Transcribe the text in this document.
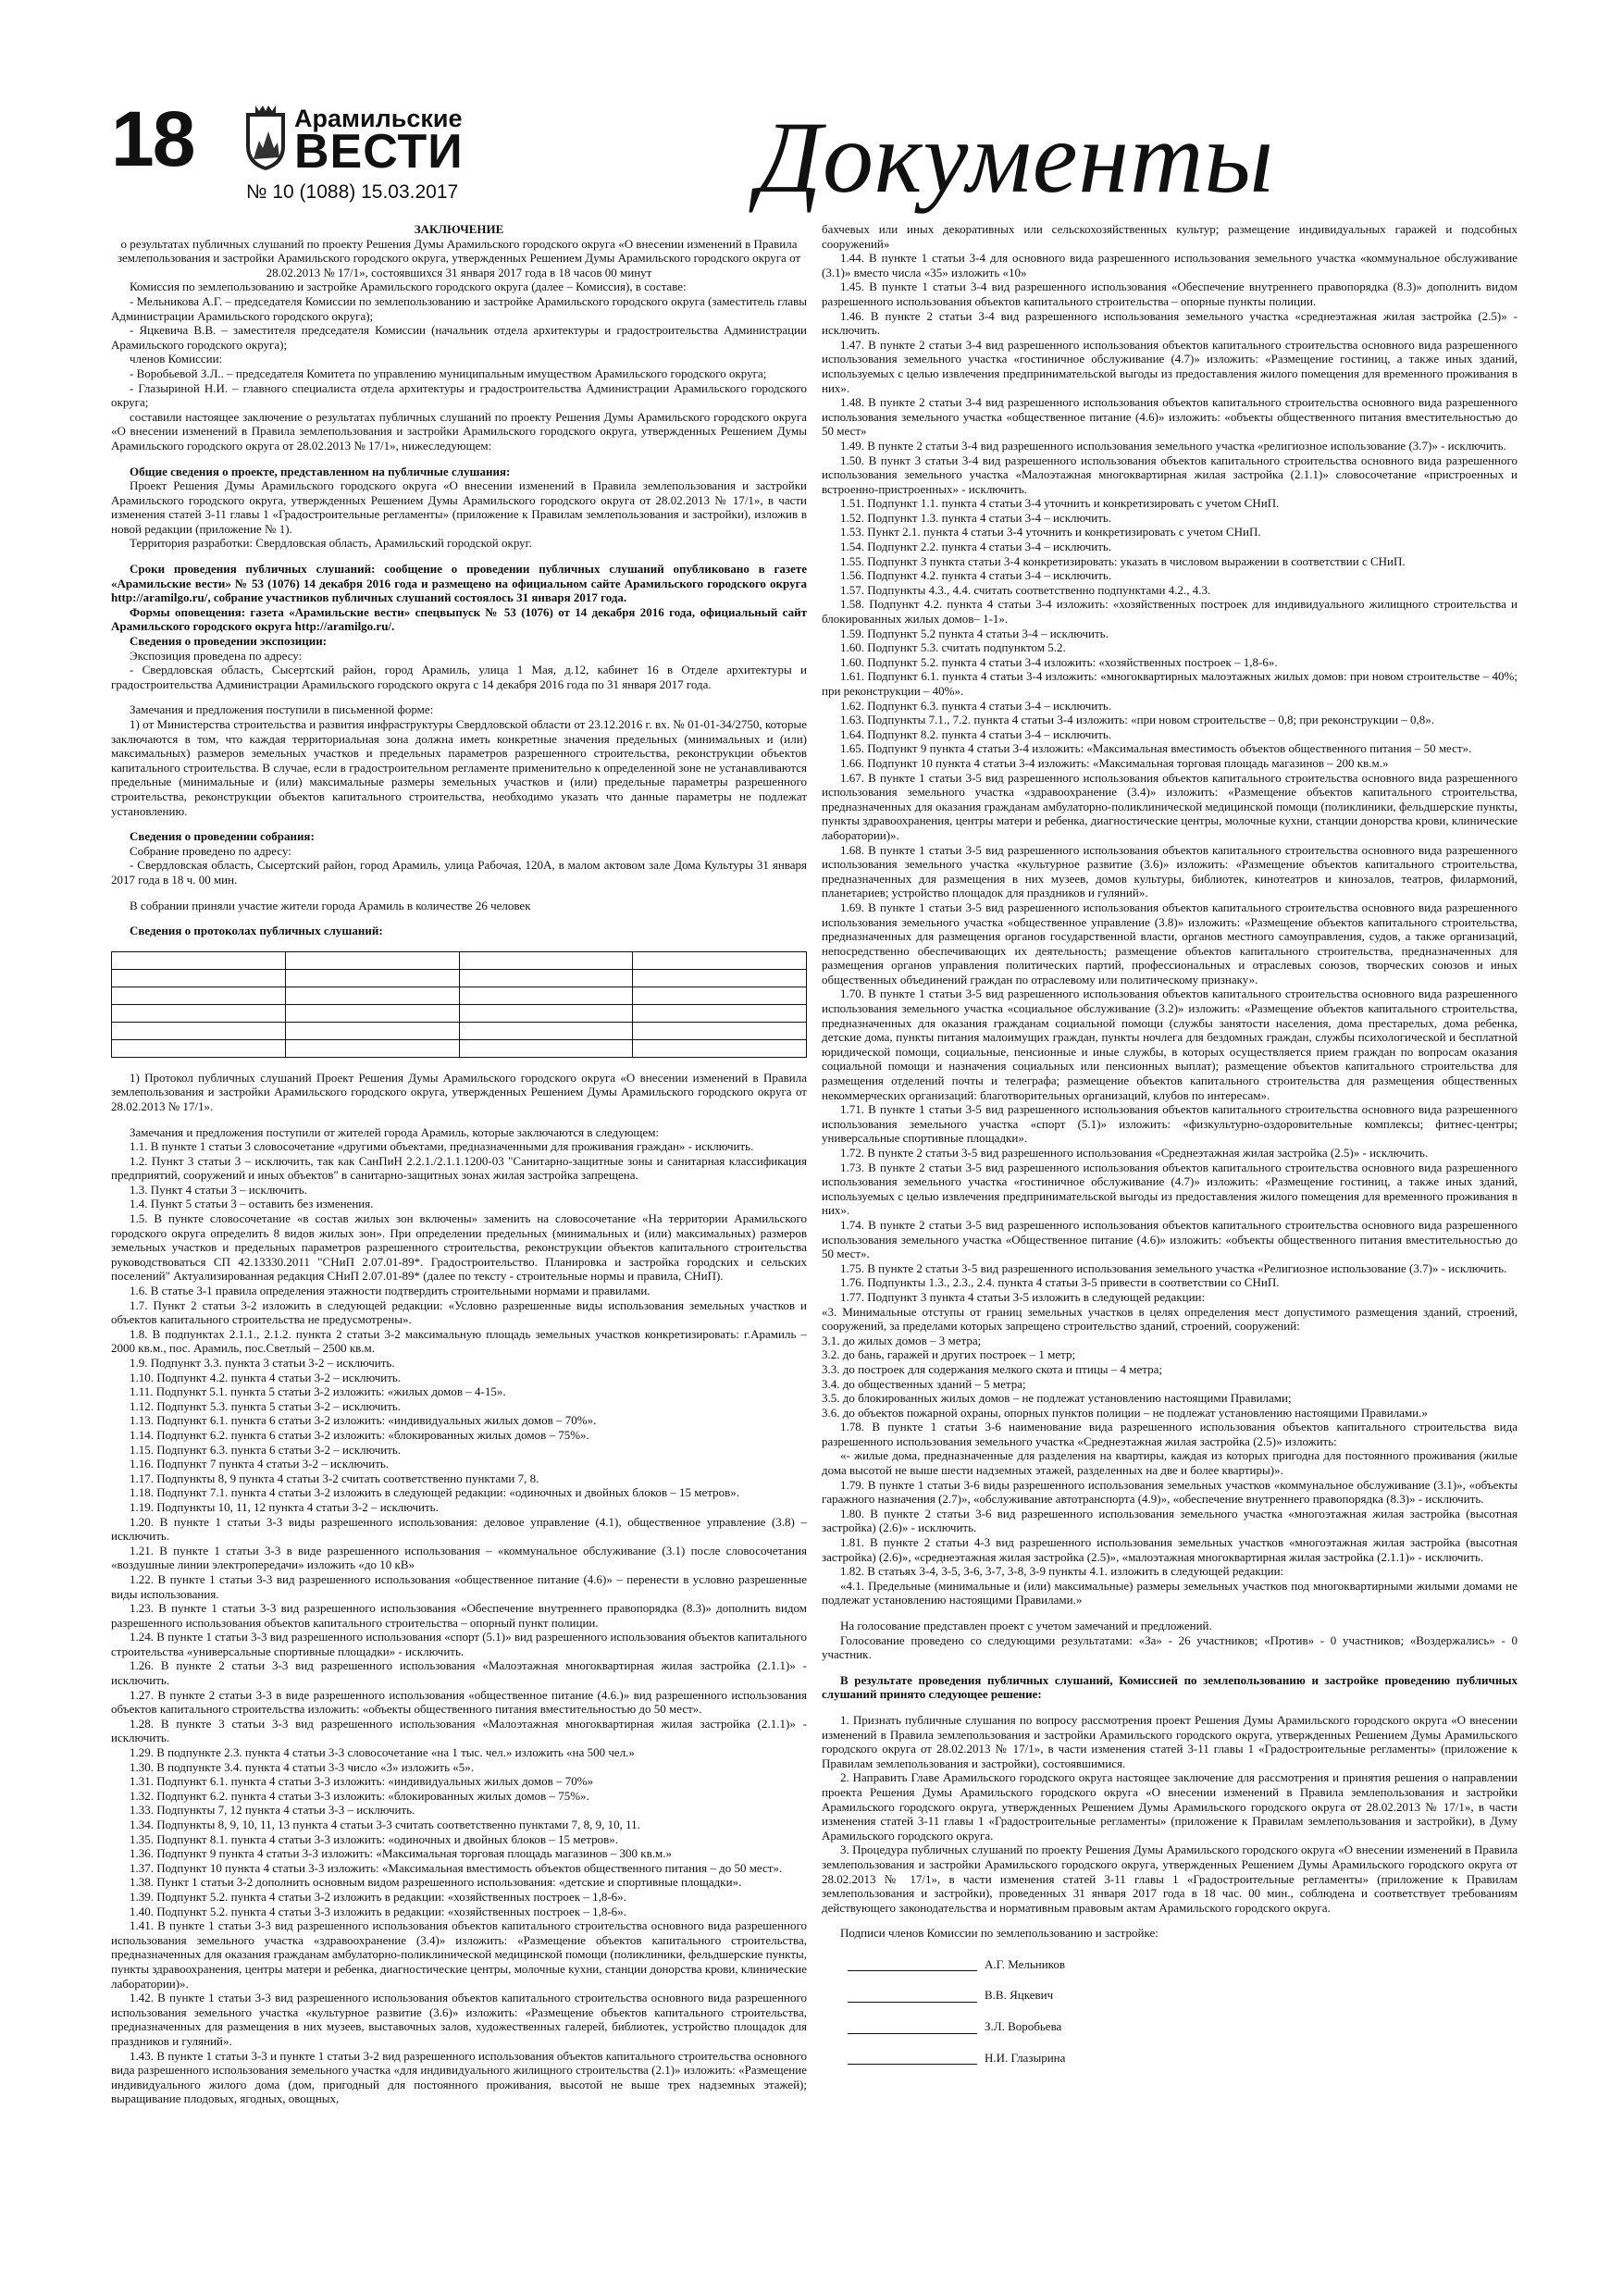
18	Арамильские
ВЕСТИ
№ 10 (1088) 15.03.2017	Документы

ЗАКЛЮЧЕНИЕ

о результатах публичных слушаний по проекту Решения Думы Арамильского городского округа «О внесении изменений в Правила землепользования и застройки Арамильского городского округа, утвержденных Решением Думы Арамильского городского округа от 28.02.2013 № 17/1», состоявшихся 31 января 2017 года в 18 часов 00 минут

Комиссия по землепользованию и застройке Арамильского городского округа (далее – Комиссия), в составе:

- Мельникова А.Г. – председателя Комиссии по землепользованию и застройке Арамильского городского округа (заместитель главы Администрации Арамильского городского округа);

- Яцкевича В.В. – заместителя председателя Комиссии (начальник отдела архитектуры и градостроительства Администрации Арамильского городского округа);

членов Комиссии:

- Воробьевой З.Л.. – председателя Комитета по управлению муниципальным имуществом Арамильского городского округа;

- Глазыриной Н.И. – главного специалиста отдела архитектуры и градостроительства Администрации Арамильского городского округа;

составили настоящее заключение о результатах публичных слушаний по проекту Решения Думы Арамильского городского округа «О внесении изменений в Правила землепользования и застройки Арамильского городского округа, утвержденных Решением Думы Арамильского городского округа от 28.02.2013 № 17/1», нижеследующем:

Общие сведения о проекте, представленном на публичные слушания:

Проект Решения Думы Арамильского городского округа «О внесении изменений в Правила землепользования и застройки Арамильского городского округа, утвержденных Решением Думы Арамильского городского округа от 28.02.2013 № 17/1», в части изменения статей 3-11 главы 1 «Градостроительные регламенты» (приложение к Правилам землепользования и застройки), изложив в новой редакции (приложение № 1).

Территория разработки: Свердловская область, Арамильский городской округ.

Сроки проведения публичных слушаний: сообщение о проведении публичных слушаний опубликовано в газете «Арамильские вести» № 53 (1076) 14 декабря 2016 года и размещено на официальном сайте Арамильского городского округа http://aramilgo.ru/, собрание участников публичных слушаний состоялось 31 января 2017 года.

Формы оповещения: газета «Арамильские вести» спецвыпуск № 53 (1076) от 14 декабря 2016 года, официальный сайт Арамильского городского округа http://aramilgo.ru/.

Сведения о проведении экспозиции:

Экспозиция проведена по адресу:

- Свердловская область, Сысертский район, город Арамиль, улица 1 Мая, д.12, кабинет 16 в Отделе архитектуры и градостроительства Администрации Арамильского городского округа с 14 декабря 2016 года по 31 января 2017 года.

Замечания и предложения поступили в письменной форме:

1) от Министерства строительства и развития инфраструктуры Свердловской области от 23.12.2016 г. вх. № 01-01-34/2750, которые заключаются в том, что каждая территориальная зона должна иметь конкретные значения предельных (минимальных и (или) максимальных) размеров земельных участков и предельных параметров разрешенного строительства, реконструкции объектов капитального строительства. В случае, если в градостроительном регламенте применительно к определенной зоне не устанавливаются предельные (минимальные и (или) максимальные размеры земельных участков и (или) предельные параметры разрешенного строительства, реконструкции объектов капитального строительства, необходимо указать что данные параметры не подлежат установлению.

Сведения о проведении собрания:

Собрание проведено по адресу:

- Свердловская область, Сысертский район, город Арамиль, улица Рабочая, 120А, в малом актовом зале Дома Культуры 31 января 2017 года в 18 ч. 00 мин.

В собрании приняли участие жители города Арамиль в количестве 26 человек

Сведения о протоколах публичных слушаний:

1) Протокол публичных слушаний Проект Решения Думы Арамильского городского округа «О внесении изменений в Правила землепользования и застройки Арамильского городского округа, утвержденных Решением Думы Арамильского городского округа от 28.02.2013 № 17/1».

Замечания и предложения поступили от жителей города Арамиль, которые заключаются в следующем:

1.1. В пункте 1 статьи 3 словосочетание «другими объектами, предназначенными для проживания граждан» - исключить.

1.2. Пункт 3 статьи 3 – исключить, так как СанПиН 2.2.1./2.1.1.1200-03 "Санитарно-защитные зоны и санитарная классификация предприятий, сооружений и иных объектов" в санитарно-защитных зонах жилая застройка запрещена.

1.3. Пункт 4 статьи 3 – исключить.

1.4. Пункт 5 статьи 3 – оставить без изменения.

1.5. В пункте словосочетание «в состав жилых зон включены» заменить на словосочетание «На территории Арамильского городского округа определить 8 видов жилых зон». При определении предельных (минимальных и (или) максимальных) размеров земельных участков и предельных параметров разрешенного строительства, реконструкции объектов капитального строительства руководствоваться СП 42.13330.2011 "СНиП 2.07.01-89*. Градостроительство. Планировка и застройка городских и сельских поселений" Актуализированная редакция СНиП 2.07.01-89* (далее по тексту - строительные нормы и правила, СНиП).

1.6. В статье 3-1 правила определения этажности подтвердить строительными нормами и правилами.

1.7. Пункт 2 статьи 3-2 изложить в следующей редакции: «Условно разрешенные виды использования земельных участков и объектов капитального строительства не предусмотрены».

1.8. В подпунктах 2.1.1., 2.1.2. пункта 2 статьи 3-2 максимальную площадь земельных участков конкретизировать: г.Арамиль – 2000 кв.м., пос. Арамиль, пос.Светлый – 2500 кв.м.

1.9. Подпункт 3.3. пункта 3 статьи 3-2 – исключить.

1.10. Подпункт 4.2. пункта 4 статьи 3-2 – исключить.

1.11. Подпункт 5.1. пункта 5 статьи 3-2 изложить: «жилых домов – 4-15».

1.12. Подпункт 5.3. пункта 5 статьи 3-2 – исключить.

1.13. Подпункт 6.1. пункта 6 статьи 3-2 изложить: «индивидуальных жилых домов – 70%».

1.14. Подпункт 6.2. пункта 6 статьи 3-2 изложить: «блокированных жилых домов – 75%».

1.15. Подпункт 6.3. пункта 6 статьи 3-2 – исключить.

1.16. Подпункт 7 пункта 4 статьи 3-2 – исключить.

1.17. Подпункты 8, 9 пункта 4 статьи 3-2 считать соответственно пунктами 7, 8.

1.18. Подпункт 7.1. пункта 4 статьи 3-2 изложить в следующей редакции: «одиночных и двойных блоков – 15 метров».

1.19. Подпункты 10, 11, 12 пункта 4 статьи 3-2 – исключить.

1.20. В пункте 1 статьи 3-3 виды разрешенного использования: деловое управление (4.1), общественное управление (3.8) – исключить.

1.21. В пункте 1 статьи 3-3 в виде разрешенного использования – «коммунальное обслуживание (3.1) после словосочетания «воздушные линии электропередачи» изложить «до 10 кВ»

1.22. В пункте 1 статьи 3-3 вид разрешенного использования «общественное питание (4.6)» – перенести в условно разрешенные виды использования.

1.23. В пункте 1 статьи 3-3 вид разрешенного использования «Обеспечение внутреннего правопорядка (8.3)» дополнить видом разрешенного использования объектов капитального строительства – опорный пункт полиции.

1.24. В пункте 1 статьи 3-3 вид разрешенного использования «спорт (5.1)» вид разрешенного использования объектов капитального строительства «универсальные спортивные площадки» - исключить.

1.26. В пункте 2 статьи 3-3 вид разрешенного использования «Малоэтажная многоквартирная жилая застройка (2.1.1)» - исключить.

1.27. В пункте 2 статьи 3-3 в виде разрешенного использования «общественное питание (4.6.)» вид разрешенного использования объектов капитального строительства изложить: «объекты общественного питания вместительностью до 50 мест».

1.28. В пункте 3 статьи 3-3 вид разрешенного использования «Малоэтажная многоквартирная жилая застройка (2.1.1)» - исключить.

1.29. В подпункте 2.3. пункта 4 статьи 3-3 словосочетание «на 1 тыс. чел.» изложить «на 500 чел.»

1.30. В подпункте 3.4. пункта 4 статьи 3-3 число «3» изложить «5».

1.31. Подпункт 6.1. пункта 4 статьи 3-3 изложить: «индивидуальных жилых домов – 70%»

1.32. Подпункт 6.2. пункта 4 статьи 3-3 изложить: «блокированных жилых домов – 75%».

1.33. Подпункты 7, 12 пункта 4 статьи 3-3 – исключить.

1.34. Подпункты 8, 9, 10, 11, 13 пункта 4 статьи 3-3 считать соответственно пунктами 7, 8, 9, 10, 11.

1.35. Подпункт 8.1. пункта 4 статьи 3-3 изложить: «одиночных и двойных блоков – 15 метров».

1.36. Подпункт 9 пункта 4 статьи 3-3 изложить: «Максимальная торговая площадь магазинов – 300 кв.м.»

1.37. Подпункт 10 пункта 4 статьи 3-3 изложить: «Максимальная вместимость объектов общественного питания – до 50 мест».

1.38. Пункт 1 статьи 3-2 дополнить основным видом разрешенного использования: «детские и спортивные площадки».

1.39. Подпункт 5.2. пункта 4 статьи 3-2 изложить в редакции: «хозяйственных построек – 1,8-6».

1.40. Подпункт 5.2. пункта 4 статьи 3-3 изложить в редакции: «хозяйственных построек – 1,8-6».

1.41. В пункте 1 статьи 3-3 вид разрешенного использования объектов капитального строительства основного вида разрешенного использования земельного участка «здравоохранение (3.4)» изложить: «Размещение объектов капитального строительства, предназначенных для оказания гражданам амбулаторно-поликлинической медицинской помощи (поликлиники, фельдшерские пункты, пункты здравоохранения, центры матери и ребенка, диагностические центры, молочные кухни, станции донорства крови, клинические лаборатории)».

1.42. В пункте 1 статьи 3-3 вид разрешенного использования объектов капитального строительства основного вида разрешенного использования земельного участка «культурное развитие (3.6)» изложить: «Размещение объектов капитального строительства, предназначенных для размещения в них музеев, выставочных залов, художественных галерей, библиотек, устройство площадок для праздников и гуляний».

1.43. В пункте 1 статьи 3-3 и пункте 1 статьи 3-2 вид разрешенного использования объектов капитального строительства основного вида разрешенного использования земельного участка «для индивидуального жилищного строительства (2.1)» изложить: «Размещение индивидуального жилого дома (дом, пригодный для постоянного проживания, высотой не выше трех надземных этажей); выращивание плодовых, ягодных, овощных,

бахчевых или иных декоративных или сельскохозяйственных культур; размещение индивидуальных гаражей и подсобных сооружений»

1.44. В пункте 1 статьи 3-4 для основного вида разрешенного использования земельного участка «коммунальное обслуживание (3.1)» вместо числа «35» изложить «10»

1.45. В пункте 1 статьи 3-4 вид разрешенного использования «Обеспечение внутреннего правопорядка (8.3)» дополнить видом разрешенного использования объектов капитального строительства – опорные пункты полиции.

1.46. В пункте 2 статьи 3-4 вид разрешенного использования земельного участка «среднеэтажная жилая застройка (2.5)» - исключить.

1.47. В пункте 2 статьи 3-4 вид разрешенного использования объектов капитального строительства основного вида разрешенного использования земельного участка «гостиничное обслуживание (4.7)» изложить: «Размещение гостиниц, а также иных зданий, используемых с целью извлечения предпринимательской выгоды из предоставления жилого помещения для временного проживания в них».

1.48. В пункте 2 статьи 3-4 вид разрешенного использования объектов капитального строительства основного вида разрешенного использования земельного участка «общественное питание (4.6)» изложить: «объекты общественного питания вместительностью до 50 мест»

1.49. В пункте 2 статьи 3-4 вид разрешенного использования земельного участка «религиозное использование (3.7)» - исключить.

1.50. В пункт 3 статьи 3-4 вид разрешенного использования объектов капитального строительства основного вида разрешенного использования земельного участка «Малоэтажная многоквартирная жилая застройка (2.1.1)» словосочетание «пристроенных и встроенно-пристроенных» - исключить.

1.51. Подпункт 1.1. пункта 4 статьи 3-4 уточнить и конкретизировать с учетом СНиП.

1.52. Подпункт 1.3. пункта 4 статьи 3-4 – исключить.

1.53. Пункт 2.1. пункта 4 статьи 3-4 уточнить и конкретизировать с учетом СНиП.

1.54. Подпункт 2.2. пункта 4 статьи 3-4 – исключить.

1.55. Подпункт 3 пункта статьи 3-4 конкретизировать: указать в числовом выражении в соответствии с СНиП.

1.56. Подпункт 4.2. пункта 4 статьи 3-4 – исключить.

1.57. Подпункты 4.3., 4.4. считать соответственно подпунктами 4.2., 4.3.

1.58. Подпункт 4.2. пункта 4 статьи 3-4 изложить: «хозяйственных построек для индивидуального жилищного строительства и блокированных жилых домов– 1-1».

1.59. Подпункт 5.2 пункта 4 статьи 3-4 – исключить.

1.60. Подпункт 5.3. считать подпунктом 5.2.

1.60. Подпункт 5.2. пункта 4 статьи 3-4 изложить: «хозяйственных построек – 1,8-6».

1.61. Подпункт 6.1. пункта 4 статьи 3-4 изложить: «многоквартирных малоэтажных жилых домов: при новом строительстве – 40%; при реконструкции – 40%».

1.62. Подпункт 6.3. пункта 4 статьи 3-4 – исключить.

1.63. Подпункты 7.1., 7.2. пункта 4 статьи 3-4 изложить: «при новом строительстве – 0,8; при реконструкции – 0,8».

1.64. Подпункт 8.2. пункта 4 статьи 3-4 – исключить.

1.65. Подпункт 9 пункта 4 статьи 3-4 изложить: «Максимальная вместимость объектов общественного питания – 50 мест».

1.66. Подпункт 10 пункта 4 статьи 3-4 изложить: «Максимальная торговая площадь магазинов – 200 кв.м.»

1.67. В пункте 1 статьи 3-5 вид разрешенного использования объектов капитального строительства основного вида разрешенного использования земельного участка «здравоохранение (3.4)» изложить: «Размещение объектов капитального строительства, предназначенных для оказания гражданам амбулаторно-поликлинической медицинской помощи (поликлиники, фельдшерские пункты, пункты здравоохранения, центры матери и ребенка, диагностические центры, молочные кухни, станции донорства крови, клинические лаборатории)».

1.68. В пункте 1 статьи 3-5 вид разрешенного использования объектов капитального строительства основного вида разрешенного использования земельного участка «культурное развитие (3.6)» изложить: «Размещение объектов капитального строительства, предназначенных для размещения в них музеев, домов культуры, библиотек, кинотеатров и кинозалов, театров, филармоний, планетариев; устройство площадок для праздников и гуляний».

1.69. В пункте 1 статьи 3-5 вид разрешенного использования объектов капитального строительства основного вида разрешенного использования земельного участка «общественное управление (3.8)» изложить: «Размещение объектов капитального строительства, предназначенных для размещения органов государственной власти, органов местного самоуправления, судов, а также организаций, непосредственно обеспечивающих их деятельность; размещение объектов капитального строительства, предназначенных для размещения органов управления политических партий, профессиональных и отраслевых союзов, творческих союзов и иных общественных объединений граждан по отраслевому или политическому признаку».

1.70. В пункте 1 статьи 3-5 вид разрешенного использования объектов капитального строительства основного вида разрешенного использования земельного участка «социальное обслуживание (3.2)» изложить: «Размещение объектов капитального строительства, предназначенных для оказания гражданам социальной помощи (службы занятости населения, дома престарелых, дома ребенка, детские дома, пункты питания малоимущих граждан, пункты ночлега для бездомных граждан, службы психологической и бесплатной юридической помощи, социальные, пенсионные и иные службы, в которых осуществляется прием граждан по вопросам оказания социальной помощи и назначения социальных или пенсионных выплат); размещение объектов капитального строительства для размещения отделений почты и телеграфа; размещение объектов капитального строительства для размещения общественных некоммерческих организаций: благотворительных организаций, клубов по интересам».

1.71. В пункте 1 статьи 3-5 вид разрешенного использования объектов капитального строительства основного вида разрешенного использования земельного участка «спорт (5.1)» изложить: «физкультурно-оздоровительные комплексы; фитнес-центры; универсальные спортивные площадки».

1.72. В пункте 2 статьи 3-5 вид разрешенного использования «Среднеэтажная жилая застройка (2.5)» - исключить.

1.73. В пункте 2 статьи 3-5 вид разрешенного использования объектов капитального строительства основного вида разрешенного использования земельного участка «гостиничное обслуживание (4.7)» изложить: «Размещение гостиниц, а также иных зданий, используемых с целью извлечения предпринимательской выгоды из предоставления жилого помещения для временного проживания в них».

1.74. В пункте 2 статьи 3-5 вид разрешенного использования объектов капитального строительства основного вида разрешенного использования земельного участка «Общественное питание (4.6)» изложить: «объекты общественного питания вместительностью до 50 мест».

1.75. В пункте 2 статьи 3-5 вид разрешенного использования земельного участка «Религиозное использование (3.7)» - исключить.

1.76. Подпункты 1.3., 2.3., 2.4. пункта 4 статьи 3-5 привести в соответствии со СНиП.

1.77. Подпункт 3 пункта 4 статьи 3-5 изложить в следующей редакции:

«3. Минимальные отступы от границ земельных участков в целях определения мест допустимого размещения зданий, строений, сооружений, за пределами которых запрещено строительство зданий, строений, сооружений:

3.1. до жилых домов – 3 метра;

3.2. до бань, гаражей и других построек – 1 метр;

3.3. до построек для содержания мелкого скота и птицы – 4 метра;

3.4. до общественных зданий – 5 метра;

3.5. до блокированных жилых домов – не подлежат установлению настоящими Правилами;

3.6. до объектов пожарной охраны, опорных пунктов полиции – не подлежат установлению настоящими Правилами.»

1.78. В пункте 1 статьи 3-6 наименование вида разрешенного использования объектов капитального строительства вида разрешенного использования земельного участка «Среднеэтажная жилая застройка (2.5)» изложить:

«- жилые дома, предназначенные для разделения на квартиры, каждая из которых пригодна для постоянного проживания (жилые дома высотой не выше шести надземных этажей, разделенных на две и более квартиры)».

1.79. В пункте 1 статьи 3-6 виды разрешенного использования земельных участков «коммунальное обслуживание (3.1)», «объекты гаражного назначения (2.7)», «обслуживание автотранспорта (4.9)», «обеспечение внутреннего правопорядка (8.3)» - исключить.

1.80. В пункте 2 статьи 3-6 вид разрешенного использования земельного участка «многоэтажная жилая застройка (высотная застройка) (2.6)» - исключить.

1.81. В пункте 2 статьи 4-3 вид разрешенного использования земельных участков «многоэтажная жилая застройка (высотная застройка) (2.6)», «среднеэтажная жилая застройка (2.5)», «малоэтажная многоквартирная жилая застройка (2.1.1)» - исключить.

1.82. В статьях 3-4, 3-5, 3-6, 3-7, 3-8, 3-9 пункты 4.1. изложить в следующей редакции:

«4.1. Предельные (минимальные и (или) максимальные) размеры земельных участков под многоквартирными жилыми домами не подлежат установлению настоящими Правилами.»

На голосование представлен проект с учетом замечаний и предложений.

Голосование проведено со следующими результатами: «За» - 26 участников; «Против» - 0 участников; «Воздержались» - 0 участник.

В результате проведения публичных слушаний, Комиссией по землепользованию и застройке проведению публичных слушаний принято следующее решение:

1. Признать публичные слушания по вопросу рассмотрения проект Решения Думы Арамильского городского округа «О внесении изменений в Правила землепользования и застройки Арамильского городского округа, утвержденных Решением Думы Арамильского городского округа от 28.02.2013 № 17/1», в части изменения статей 3-11 главы 1 «Градостроительные регламенты» (приложение к Правилам землепользования и застройки), состоявшимися.

2. Направить Главе Арамильского городского округа настоящее заключение для рассмотрения и принятия решения о направлении проекта Решения Думы Арамильского городского округа «О внесении изменений в Правила землепользования и застройки Арамильского городского округа, утвержденных Решением Думы Арамильского городского округа от 28.02.2013 № 17/1», в части изменения статей 3-11 главы 1 «Градостроительные регламенты» (приложение к Правилам землепользования и застройки), в Думу Арамильского городского округа.

3. Процедура публичных слушаний по проекту Решения Думы Арамильского городского округа «О внесении изменений в Правила землепользования и застройки Арамильского городского округа, утвержденных Решением Думы Арамильского городского округа от 28.02.2013 № 17/1», в части изменения статей 3-11 главы 1 «Градостроительные регламенты» (приложение к Правилам землепользования и застройки), проведенных 31 января 2017 года в 18 час. 00 мин., соблюдена и соответствует требованиям действующего законодательства и нормативным правовым актам Арамильского городского округа.

Подписи членов Комиссии по землепользованию и застройке:

А.Г. Мельников
В.В. Яцкевич
З.Л. Воробьева
Н.И. Глазырина
